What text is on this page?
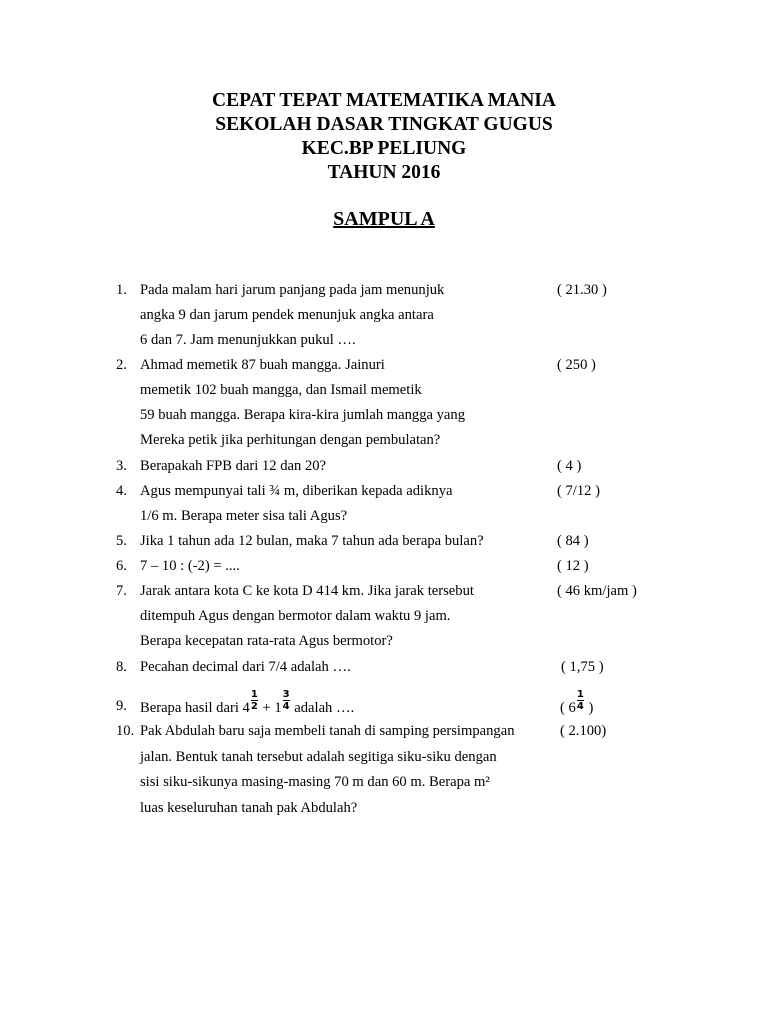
CEPAT TEPAT MATEMATIKA MANIA
SEKOLAH DASAR TINGKAT GUGUS
KEC.BP PELIUNG
TAHUN 2016
SAMPUL A
1. Pada malam hari jarum panjang pada jam menunjuk	( 21.30 )
angka 9 dan jarum pendek menunjuk angka antara
6 dan 7. Jam menunjukkan pukul ….
2. Ahmad memetik 87 buah mangga. Jainuri	( 250 )
memetik 102 buah mangga, dan Ismail memetik
59 buah mangga. Berapa kira-kira jumlah mangga yang
Mereka petik jika perhitungan dengan pembulatan?
3. Berapakah FPB dari 12 dan 20?	( 4 )
4. Agus mempunyai tali ¾ m, diberikan kepada adiknya	( 7/12 )
1/6 m. Berapa meter sisa tali Agus?
5. Jika 1 tahun ada 12 bulan, maka 7 tahun ada berapa bulan?	( 84 )
6. 7 – 10 : (-2) = ....	( 12 )
7. Jarak antara kota C ke kota D 414 km. Jika jarak tersebut	( 46 km/jam )
ditempuh Agus dengan bermotor dalam waktu 9 jam.
Berapa kecepatan rata-rata Agus bermotor?
8. Pecahan decimal dari 7/4 adalah ….	( 1,75 )
9. Berapa hasil dari $4 \frac{1}{2} + 1 \frac{3}{4}$ adalah ….	( $6 \frac{1}{4}$ )
10. Pak Abdulah baru saja membeli tanah di samping persimpangan	( 2.100)
jalan. Bentuk tanah tersebut adalah segitiga siku-siku dengan
sisi siku-sikunya masing-masing 70 m dan 60 m. Berapa m²
luas keseluruhan tanah pak Abdulah?
